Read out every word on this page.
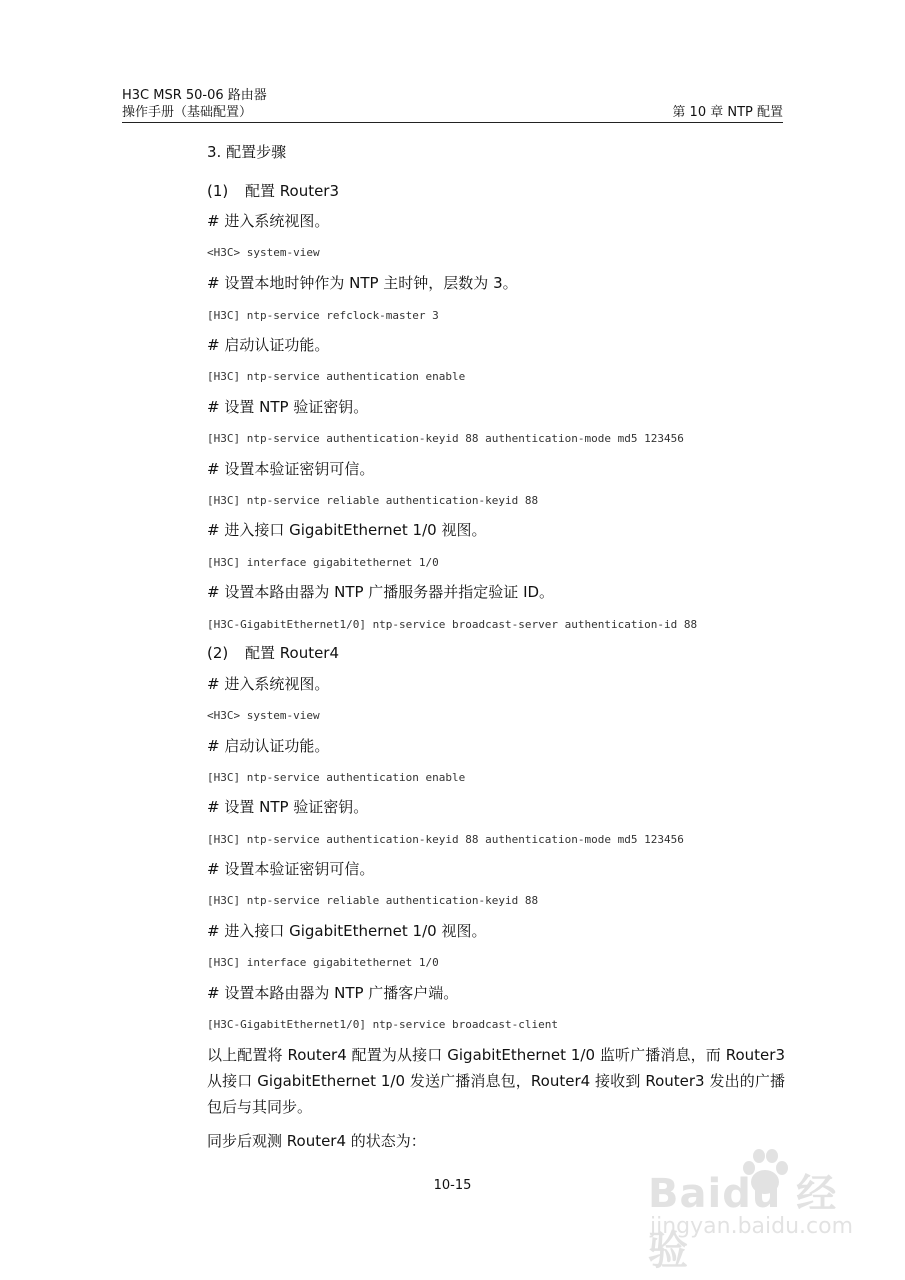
H3C MSR 50-06 路由器
操作手册（基础配置）	第 10 章 NTP 配置
3. 配置步骤
(1) 配置 Router3
# 进入系统视图。
<H3C> system-view
# 设置本地时钟作为 NTP 主时钟，层数为 3。
[H3C] ntp-service refclock-master 3
# 启动认证功能。
[H3C] ntp-service authentication enable
# 设置 NTP 验证密钥。
[H3C] ntp-service authentication-keyid 88 authentication-mode md5 123456
# 设置本验证密钥可信。
[H3C] ntp-service reliable authentication-keyid 88
# 进入接口 GigabitEthernet 1/0 视图。
[H3C] interface gigabitethernet 1/0
# 设置本路由器为 NTP 广播服务器并指定验证 ID。
[H3C-GigabitEthernet1/0] ntp-service broadcast-server authentication-id 88
(2) 配置 Router4
# 进入系统视图。
<H3C> system-view
# 启动认证功能。
[H3C] ntp-service authentication enable
# 设置 NTP 验证密钥。
[H3C] ntp-service authentication-keyid 88 authentication-mode md5 123456
# 设置本验证密钥可信。
[H3C] ntp-service reliable authentication-keyid 88
# 进入接口 GigabitEthernet 1/0 视图。
[H3C] interface gigabitethernet 1/0
# 设置本路由器为 NTP 广播客户端。
[H3C-GigabitEthernet1/0] ntp-service broadcast-client
以上配置将 Router4 配置为从接口 GigabitEthernet 1/0 监听广播消息，而 Router3 从接口 GigabitEthernet 1/0 发送广播消息包，Router4 接收到 Router3 发出的广播包后与其同步。
同步后观测 Router4 的状态为：
10-15	Baidu 经验
jingyan.baidu.com
